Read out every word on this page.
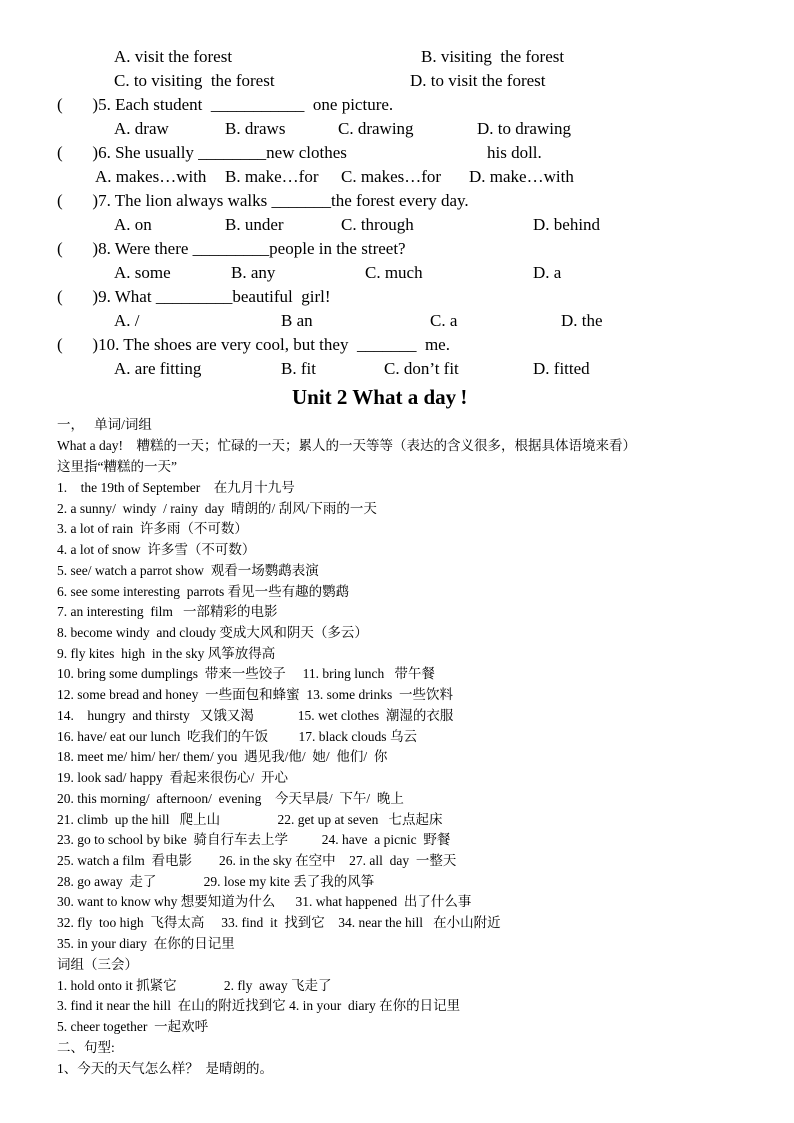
A. visit the forest	B. visiting  the forest
C. to visiting  the forest	D. to visit the forest
(       )5. Each student  ___________  one picture.
A. draw	B. draws	C. drawing	D. to drawing
(       )6. She usually ________new clothes	his doll.
A. makes…with B. make…for C. makes…for D. make…with
(       )7. The lion always walks _______the forest every day.
A. on	B. under	C. through	D. behind
(       )8. Were there _________people in the street?
A. some	B. any	C. much	D. a
(       )9. What _________beautiful  girl!
A. /	B an	C. a	D. the
(       )10. The shoes are very cool, but they  _______  me.
A. are fitting	B. fit	C. don’t fit	D. fitted
Unit 2 What a day !
一，   单词/词组
What a day!    糟糕的一天；忙碌的一天；累人的一天等等（表达的含义很多，根据具体语境来看）
这里指“糟糕的一天”
1.    the 19th of September    在九月十九号
2. a sunny/  windy  / rainy  day  晴朗的/ 刮风/下雨的一天
3. a lot of rain  许多雨（不可数）
4. a lot of snow  许多雪（不可数）
5. see/ watch a parrot show  观看一场鹦鹉表演
6. see some interesting  parrots 看见一些有趣的鹦鹉
7. an interesting  film   一部精彩的电影
8. become windy  and cloudy 变成大风和阴天（多云）
9. fly kites  high  in the sky 风筝放得高
10. bring some dumplings  带来一些饺子     11. bring lunch   带午餐
12. some bread and honey  一些面包和蜂蜜  13. some drinks  一些饮料
14.    hungry  and thirsty   又饿又渴             15. wet clothes  潮湿的衣服
16. have/ eat our lunch  吃我们的午饭         17. black clouds 乌云
18. meet me/ him/ her/ them/ you  遇见我/他/  她/  他们/  你
19. look sad/ happy  看起来很伤心/  开心
20. this morning/  afternoon/  evening    今天早晨/  下午/  晚上
21. climb  up the hill   爬上山                 22. get up at seven   七点起床
23. go to school by bike  骑自行车去上学          24. have  a picnic  野餐
25. watch a film  看电影        26. in the sky 在空中    27. all  day  一整天
28. go away  走了              29. lose my kite 丢了我的风筝
30. want to know why 想要知道为什么      31. what happened  出了什么事
32. fly  too high  飞得太高     33. find  it  找到它    34. near the hill   在小山附近
35. in your diary  在你的日记里
词组（三会）
1. hold onto it 抓紧它              2. fly  away 飞走了
3. find it near the hill  在山的附近找到它 4. in your  diary 在你的日记里
5. cheer together  一起欢呼
二、句型:
1、今天的天气怎么样？  是晴朗的。
